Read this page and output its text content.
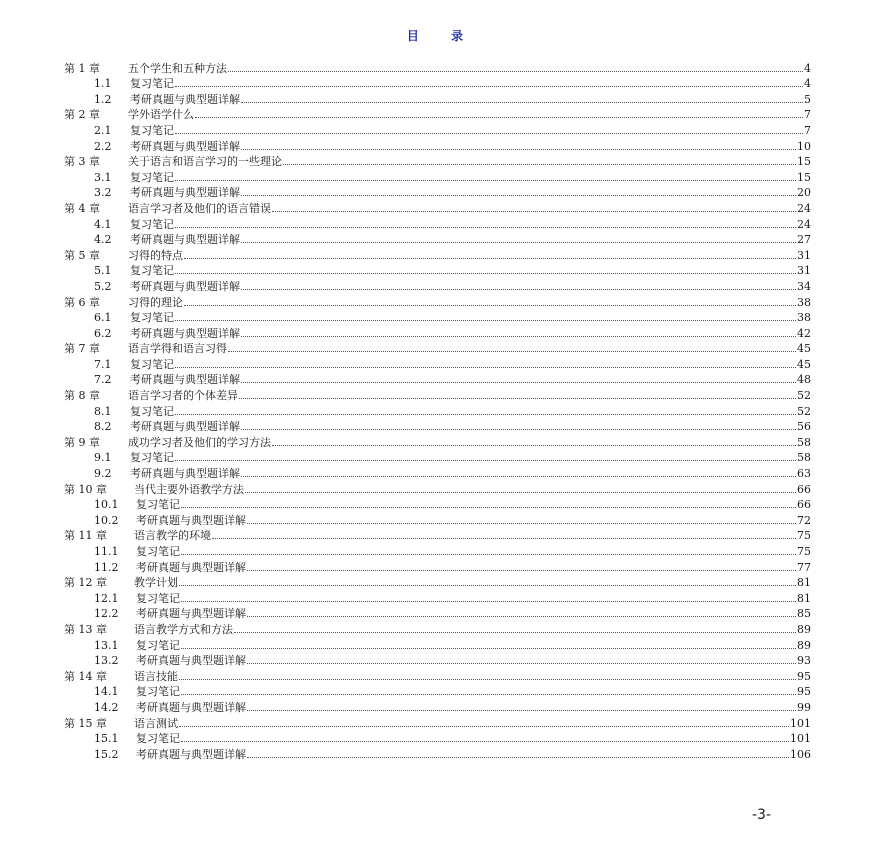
目 录
第 1 章	五个学生和五种方法	4
1.1	复习笔记	4
1.2	考研真题与典型题详解	5
第 2 章	学外语学什么	7
2.1	复习笔记	7
2.2	考研真题与典型题详解	10
第 3 章	关于语言和语言学习的一些理论	15
3.1	复习笔记	15
3.2	考研真题与典型题详解	20
第 4 章	语言学习者及他们的语言错误	24
4.1	复习笔记	24
4.2	考研真题与典型题详解	27
第 5 章	习得的特点	31
5.1	复习笔记	31
5.2	考研真题与典型题详解	34
第 6 章	习得的理论	38
6.1	复习笔记	38
6.2	考研真题与典型题详解	42
第 7 章	语言学得和语言习得	45
7.1	复习笔记	45
7.2	考研真题与典型题详解	48
第 8 章	语言学习者的个体差异	52
8.1	复习笔记	52
8.2	考研真题与典型题详解	56
第 9 章	成功学习者及他们的学习方法	58
9.1	复习笔记	58
9.2	考研真题与典型题详解	63
第 10 章	当代主要外语教学方法	66
10.1	复习笔记	66
10.2	考研真题与典型题详解	72
第 11 章	语言教学的环境	75
11.1	复习笔记	75
11.2	考研真题与典型题详解	77
第 12 章	教学计划	81
12.1	复习笔记	81
12.2	考研真题与典型题详解	85
第 13 章	语言教学方式和方法	89
13.1	复习笔记	89
13.2	考研真题与典型题详解	93
第 14 章	语言技能	95
14.1	复习笔记	95
14.2	考研真题与典型题详解	99
第 15 章	语言测试	101
15.1	复习笔记	101
15.2	考研真题与典型题详解	106
-3-
